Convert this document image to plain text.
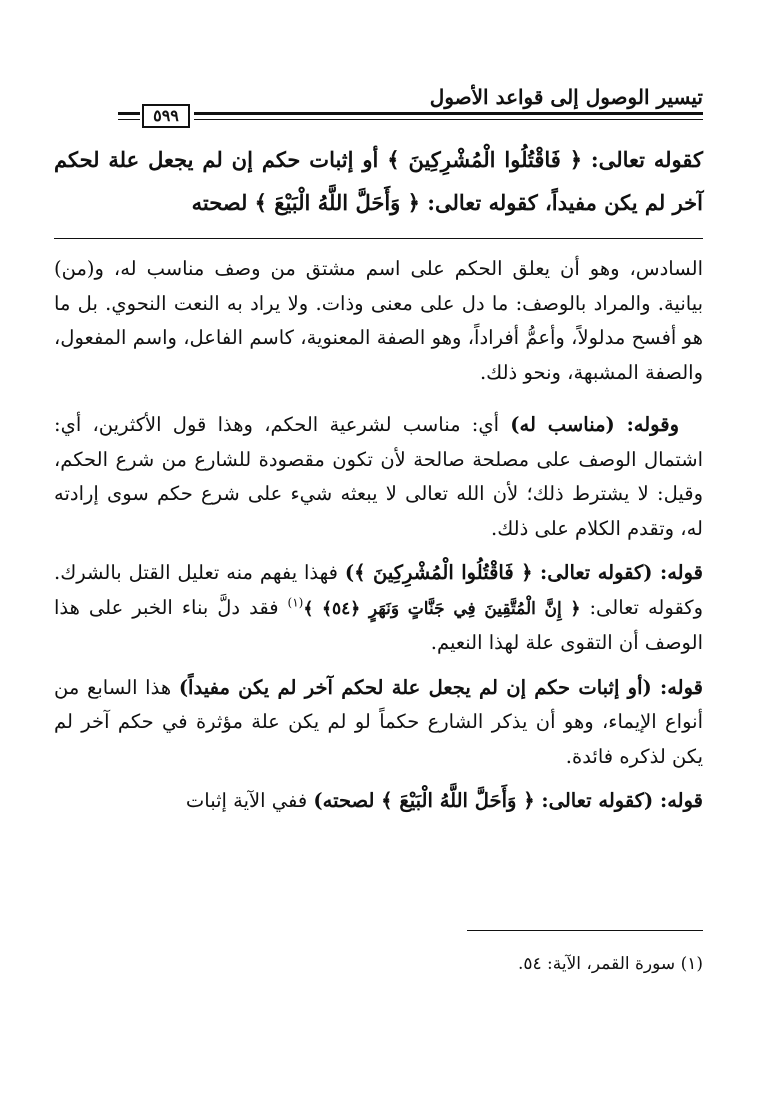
تيسير الوصول إلى قواعد الأصول
٥٩٩
كقوله تعالى: ﴿ فَاقْتُلُوا الْمُشْرِكِينَ ﴾ أو إثبات حكم إن لم يجعل علة لحكم آخر لم يكن مفيداً، كقوله تعالى: ﴿ وَأَحَلَّ اللَّهُ الْبَيْعَ ﴾ لصحته

السادس، وهو أن يعلق الحكم على اسم مشتق من وصف مناسب له، و(من) بيانية. والمراد بالوصف: ما دل على معنى وذات. ولا يراد به النعت النحوي. بل ما هو أفسح مدلولاً، وأعمُّ أفراداً، وهو الصفة المعنوية، كاسم الفاعل، واسم المفعول، والصفة المشبهة، ونحو ذلك.

وقوله: (مناسب له) أي: مناسب لشرعية الحكم، وهذا قول الأكثرين، أي: اشتمال الوصف على مصلحة صالحة لأن تكون مقصودة للشارع من شرع الحكم، وقيل: لا يشترط ذلك؛ لأن الله تعالى لا يبعثه شيء على شرع حكم سوى إرادته له، وتقدم الكلام على ذلك.

قوله: (كقوله تعالى: ﴿ فَاقْتُلُوا الْمُشْرِكِينَ ﴾) فهذا يفهم منه تعليل القتل بالشرك. وكقوله تعالى: ﴿ إِنَّ الْمُتَّقِينَ فِي جَنَّاتٍ وَنَهَرٍ ﴿٥٤﴾ ﴾$^{(١)}$ فقد دلَّ بناء الخبر على هذا الوصف أن التقوى علة لهذا النعيم.

قوله: (أو إثبات حكم إن لم يجعل علة لحكم آخر لم يكن مفيداً) هذا السابع من أنواع الإيماء، وهو أن يذكر الشارع حكماً لو لم يكن علة مؤثرة في حكم آخر لم يكن لذكره فائدة.

قوله: (كقوله تعالى: ﴿ وَأَحَلَّ اللَّهُ الْبَيْعَ ﴾ لصحته) ففي الآية إثبات

(١) سورة القمر، الآية: ٥٤.
